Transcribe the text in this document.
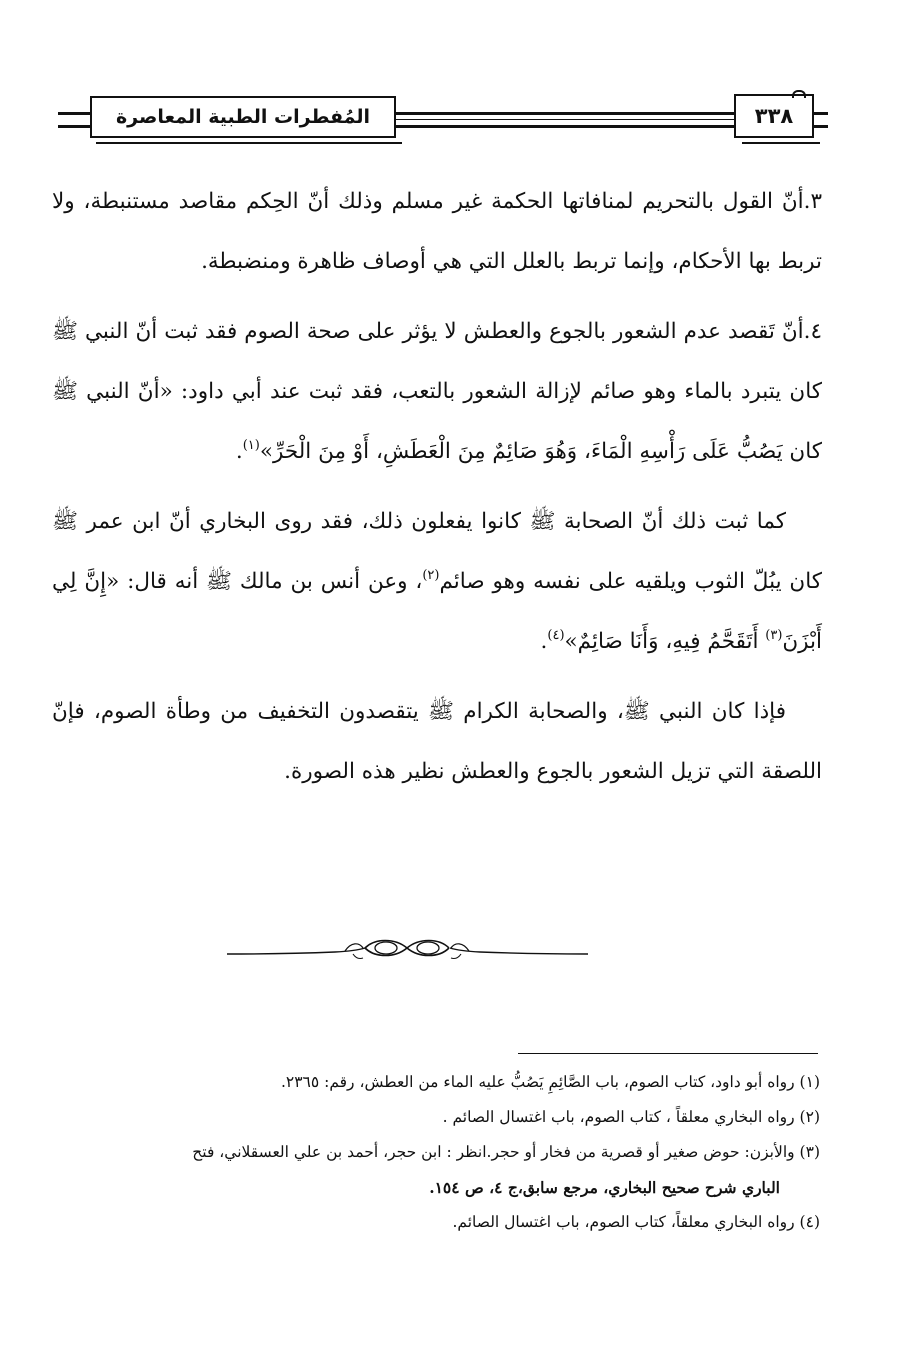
المُفطرات الطبية المعاصرة	٣٣٨

٣.أنّ القول بالتحريم لمنافاتها الحكمة غير مسلم وذلك أنّ الحِكم مقاصد مستنبطة، ولا تربط بها الأحكام، وإنما تربط بالعلل التي هي أوصاف ظاهرة ومنضبطة.

٤.أنّ تَقصد عدم الشعور بالجوع والعطش لا يؤثر على صحة الصوم فقد ثبت أنّ النبي ﷺ كان يتبرد بالماء وهو صائم لإزالة الشعور بالتعب، فقد ثبت عند أبي داود: «أنّ النبي ﷺ كان يَصُبُّ عَلَى رَأْسِهِ الْمَاءَ، وَهُوَ صَائِمٌ مِنَ الْعَطَشِ، أَوْ مِنَ الْحَرِّ»$^{(١)}$.

كما ثبت ذلك أنّ الصحابة ﷺ كانوا يفعلون ذلك، فقد روى البخاري أنّ ابن عمر ﷺ كان يبُلّ الثوب ويلقيه على نفسه وهو صائم$^{(٢)}$، وعن أنس بن مالك ﷺ أنه قال: «إِنَّ لِي أَبْزَنَ$^{(٣)}$ أَتَقَحَّمُ فِيهِ، وَأَنَا صَائِمٌ»$^{(٤)}$.

فإذا كان النبي ﷺ، والصحابة الكرام ﷺ يتقصدون التخفيف من وطأة الصوم، فإنّ اللصقة التي تزيل الشعور بالجوع والعطش نظير هذه الصورة.

(١) رواه أبو داود، كتاب الصوم، باب الصَّائِمِ يَصُبُّ عليه الماء من العطش، رقم: ٢٣٦٥.

(٢) رواه البخاري معلقاً ، كتاب الصوم، باب اغتسال الصائم .

(٣) والأبزن: حوض صغير أو قصرية من فخار أو حجر.انظر : ابن حجر، أحمد بن علي العسقلاني، فتح

الباري شرح صحيح البخاري، مرجع سابق،ج ٤، ص ١٥٤.

(٤) رواه البخاري معلقاً، كتاب الصوم، باب اغتسال الصائم.
